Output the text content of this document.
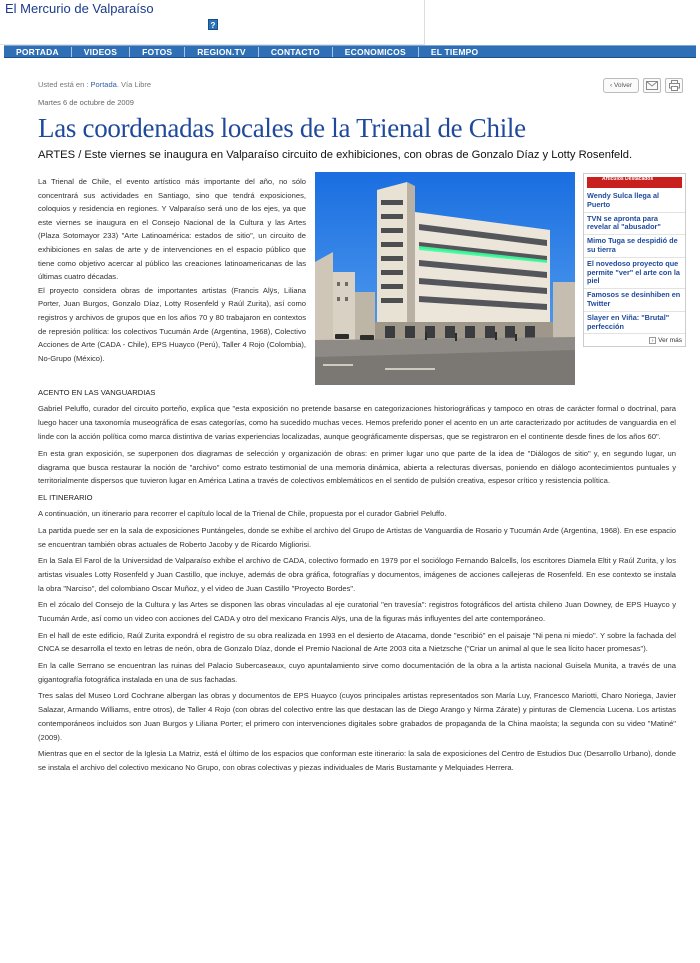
El Mercurio de Valparaíso
?
PORTADA	VIDEOS	FOTOS	REGION.TV	CONTACTO	ECONOMICOS	EL TIEMPO
Usted está en : Portada. Vía Libre
Martes 6 de octubre de 2009
‹ Volver
Las coordenadas locales de la Trienal de Chile
ARTES / Este viernes se inaugura en Valparaíso circuito de exhibiciones, con obras de Gonzalo Díaz y Lotty Rosenfeld.

La Trienal de Chile, el evento artístico más importante del año, no sólo concentrará sus actividades en Santiago, sino que tendrá exposiciones, coloquios y residencia en regiones. Y Valparaíso será uno de los ejes, ya que este viernes se inaugura en el Consejo Nacional de la Cultura y las Artes (Plaza Sotomayor 233) "Arte Latinoamérica: estados de sitio", un circuito de exhibiciones en salas de arte y de intervenciones en el espacio público que tiene como objetivo acercar al público las creaciones latinoamericanas de las últimas cuatro décadas.

El proyecto considera obras de importantes artistas (Francis Alÿs, Liliana Porter, Juan Burgos, Gonzalo Díaz, Lotty Rosenfeld y Raúl Zurita), así como registros y archivos de grupos que en los años 70 y 80 trabajaron en contextos de represión política: los colectivos Tucumán Arde (Argentina, 1968), Colectivo Acciones de Arte (CADA - Chile), EPS Huayco (Perú), Taller 4 Rojo (Colombia), No-Grupo (México).

Artículos Destacados
Wendy Sulca llega al Puerto
TVN se apronta para revelar al "abusador"
Mimo Tuga se despidió de su tierra
El novedoso proyecto que permite "ver" el arte con la piel
Famosos se desinhiben en Twitter
Slayer en Viña: "Brutal" perfección
› Ver más

ACENTO EN LAS VANGUARDIAS

Gabriel Peluffo, curador del circuito porteño, explica que "esta exposición no pretende basarse en categorizaciones historiográficas y tampoco en otras de carácter formal o doctrinal, para luego hacer una taxonomía museográfica de esas categorías, como ha sucedido muchas veces. Hemos preferido poner el acento en un arte caracterizado por actitudes de vanguardia en el linde con la acción política como marca distintiva de varias experiencias localizadas, aunque geográficamente dispersas, que se registraron en el continente desde fines de los años 60".

En esta gran exposición, se superponen dos diagramas de selección y organización de obras: en primer lugar uno que parte de la idea de "Diálogos de sitio" y, en segundo lugar, un diagrama que busca restaurar la noción de "archivo" como estrato testimonial de una memoria dinámica, abierta a relecturas diversas, poniendo en diálogo acontecimientos puntuales y territorialmente dispersos que tuvieron lugar en América Latina a través de colectivos emblemáticos en el sentido de pulsión creativa, espesor crítico y resistencia política.

EL ITINERARIO

A continuación, un itinerario para recorrer el capítulo local de la Trienal de Chile, propuesta por el curador Gabriel Peluffo.

La partida puede ser en la sala de exposiciones Puntángeles, donde se exhibe el archivo del Grupo de Artistas de Vanguardia de Rosario y Tucumán Arde (Argentina, 1968). En ese espacio se encuentran también obras actuales de Roberto Jacoby y de Ricardo Migliorisi.

En la Sala El Farol de la Universidad de Valparaíso exhibe el archivo de CADA, colectivo formado en 1979 por el sociólogo Fernando Balcells, los escritores Diamela Eltit y Raúl Zurita, y los artistas visuales Lotty Rosenfeld y Juan Castillo, que incluye, además de obra gráfica, fotografías y documentos, imágenes de acciones callejeras de Rosenfeld. En ese contexto se instala la obra "Narciso", del colombiano Oscar Muñoz, y el video de Juan Castillo "Proyecto Bordes".

En el zócalo del Consejo de la Cultura y las Artes se disponen las obras vinculadas al eje curatorial "en travesía": registros fotográficos del artista chileno Juan Downey, de EPS Huayco y Tucumán Arde, así como un video con acciones del CADA y otro del mexicano Francis Alÿs, una de la figuras más influyentes del arte contemporáneo.

En el hall de este edificio, Raúl Zurita expondrá el registro de su obra realizada en 1993 en el desierto de Atacama, donde "escribió" en el paisaje "Ni pena ni miedo". Y sobre la fachada del CNCA se desarrolla el texto en letras de neón, obra de Gonzalo Díaz, donde el Premio Nacional de Arte 2003 cita a Nietzsche ("Criar un animal al que le sea lícito hacer promesas").

En la calle Serrano se encuentran las ruinas del Palacio Subercaseaux, cuyo apuntalamiento sirve como documentación de la obra a la artista nacional Guisela Munita, a través de una gigantografía fotográfica instalada en una de sus fachadas.

Tres salas del Museo Lord Cochrane albergan las obras y documentos de EPS Huayco (cuyos principales artistas representados son María Luy, Francesco Mariotti, Charo Noriega, Javier Salazar, Armando Williams, entre otros), de Taller 4 Rojo (con obras del colectivo entre las que destacan las de Diego Arango y Nirma Zárate) y pinturas de Clemencia Lucena. Los artistas contemporáneos incluidos son Juan Burgos y Liliana Porter; el primero con intervenciones digitales sobre grabados de propaganda de la China maoísta; la segunda con su video "Matiné" (2009).

Mientras que en el sector de la Iglesia La Matriz, está el último de los espacios que conforman este itinerario: la sala de exposiciones del Centro de Estudios Duc (Desarrollo Urbano), donde se instala el archivo del colectivo mexicano No Grupo, con obras colectivas y piezas individuales de Maris Bustamante y Melquiades Herrera.
